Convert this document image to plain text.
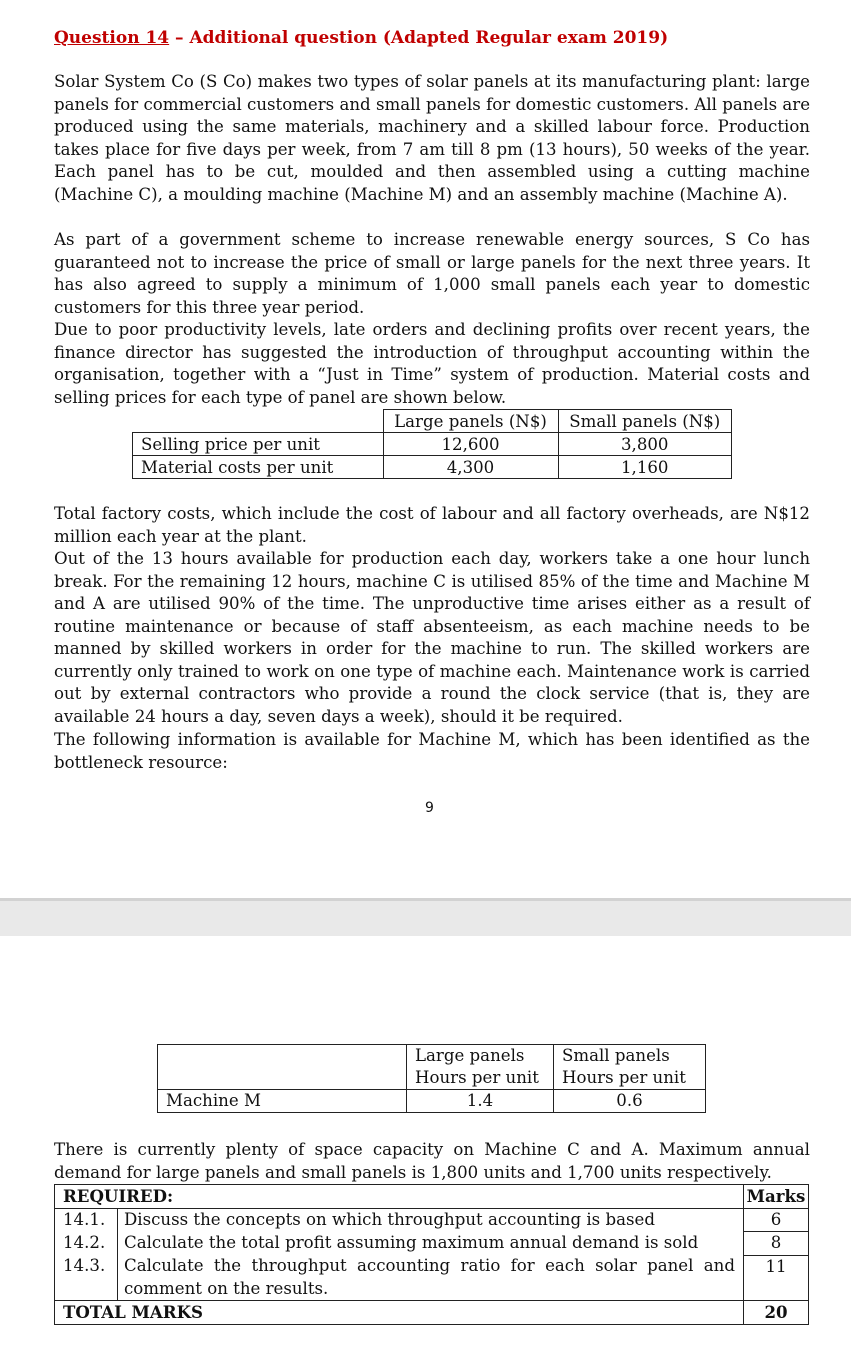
Question 14 – Additional question (Adapted Regular exam 2019)

Solar System Co (S Co) makes two types of solar panels at its manufacturing plant: large panels for commercial customers and small panels for domestic customers. All panels are produced using the same materials, machinery and a skilled labour force. Production takes place for five days per week, from 7 am till 8 pm (13 hours), 50 weeks of the year. Each panel has to be cut, moulded and then assembled using a cutting machine (Machine C), a moulding machine (Machine M) and an assembly machine (Machine A).

As part of a government scheme to increase renewable energy sources, S Co has guaranteed not to increase the price of small or large panels for the next three years. It has also agreed to supply a minimum of 1,000 small panels each year to domestic customers for this three year period.

Due to poor productivity levels, late orders and declining profits over recent years, the finance director has suggested the introduction of throughput accounting within the organisation, together with a “Just in Time” system of production. Material costs and selling prices for each type of panel are shown below.

	Large panels (N$)	Small panels (N$)
Selling price per unit	12,600	3,800
Material costs per unit	4,300	1,160

Total factory costs, which include the cost of labour and all factory overheads, are N$12 million each year at the plant.

Out of the 13 hours available for production each day, workers take a one hour lunch break. For the remaining 12 hours, machine C is utilised 85% of the time and Machine M and A are utilised 90% of the time. The unproductive time arises either as a result of routine maintenance or because of staff absenteeism, as each machine needs to be manned by skilled workers in order for the machine to run. The skilled workers are currently only trained to work on one type of machine each. Maintenance work is carried out by external contractors who provide a round the clock service (that is, they are available 24 hours a day, seven days a week), should it be required.

The following information is available for Machine M, which has been identified as the bottleneck resource:

9

	Large panels	Small panels
	Hours per unit	Hours per unit
Machine M	1.4	0.6

There is currently plenty of space capacity on Machine C and A. Maximum annual demand for large panels and small panels is 1,800 units and 1,700 units respectively.

REQUIRED:		Marks
14.1.	Discuss the concepts on which throughput accounting is based	6
14.2.	Calculate the total profit assuming maximum annual demand is sold	8
14.3.	Calculate the throughput accounting ratio for each solar panel and comment on the results.	11
TOTAL MARKS		20
